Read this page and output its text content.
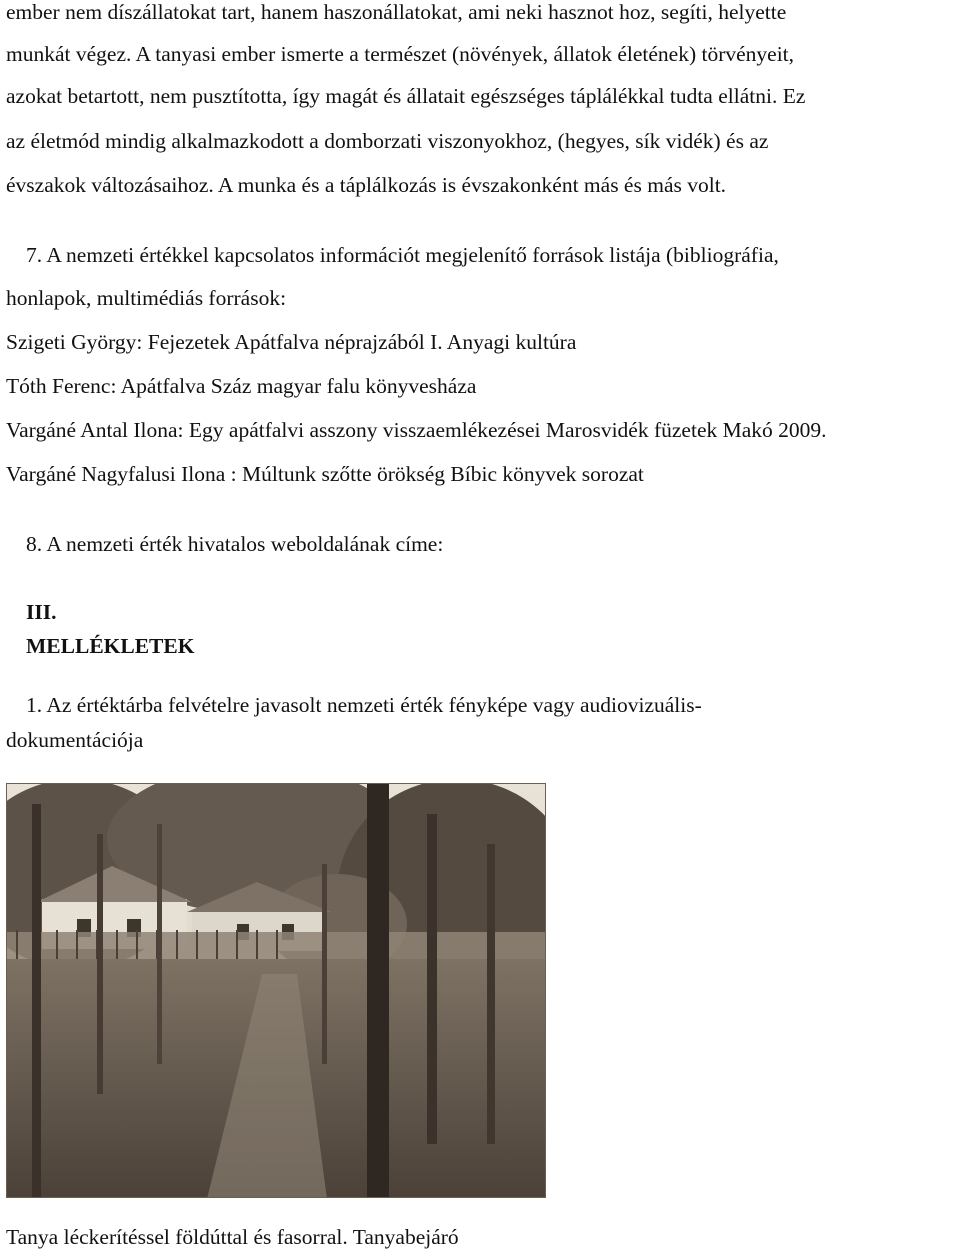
ember nem díszállatokat tart, hanem haszonállatokat, ami neki hasznot hoz, segíti, helyette

munkát végez. A tanyasi ember ismerte a természet (növények, állatok életének) törvényeit,

azokat betartott, nem pusztította, így magát és állatait egészséges táplálékkal tudta ellátni. Ez

az életmód mindig alkalmazkodott a domborzati viszonyokhoz, (hegyes, sík vidék) és az

évszakok változásaihoz. A munka és a táplálkozás is évszakonként más és más volt.

7. A nemzeti értékkel kapcsolatos információt megjelenítő források listája (bibliográfia,

honlapok, multimédiás források:

Szigeti György: Fejezetek Apátfalva néprajzából I. Anyagi kultúra

Tóth Ferenc: Apátfalva Száz magyar falu könyvesháza

Vargáné Antal Ilona: Egy apátfalvi asszony visszaemlékezései Marosvidék füzetek Makó 2009.

Vargáné Nagyfalusi Ilona : Múltunk szőtte örökség Bíbic könyvek sorozat

8. A nemzeti érték hivatalos weboldalának címe:

III.

MELLÉKLETEK

1. Az értéktárba felvételre javasolt nemzeti érték fényképe vagy audiovizuális-

dokumentációja

Tanya léckerítéssel földúttal és fasorral. Tanyabejáró
